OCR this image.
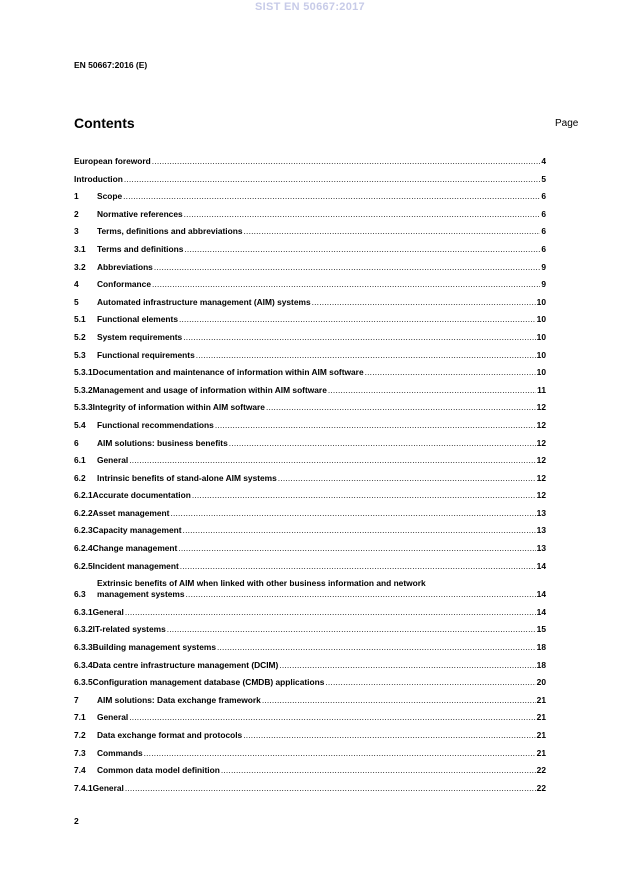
SIST EN 50667:2017
EN 50667:2016 (E)
Contents	Page
European foreword .....	4
Introduction .....	5
1	Scope .....	6
2	Normative references .....	6
3	Terms, definitions and abbreviations .....	6
3.1	Terms and definitions .....	6
3.2	Abbreviations .....	9
4	Conformance .....	9
5	Automated infrastructure management (AIM) systems .....	10
5.1	Functional elements .....	10
5.2	System requirements .....	10
5.3	Functional requirements .....	10
5.3.1 Documentation and maintenance of information within AIM software .....	10
5.3.2 Management and usage of information within AIM software .....	11
5.3.3 Integrity of information within AIM software .....	12
5.4	Functional recommendations .....	12
6	AIM solutions: business benefits .....	12
6.1	General .....	12
6.2	Intrinsic benefits of stand-alone AIM systems .....	12
6.2.1 Accurate documentation .....	12
6.2.2 Asset management .....	13
6.2.3 Capacity management .....	13
6.2.4 Change management .....	13
6.2.5 Incident management .....	14
6.3
Extrinsic benefits of AIM when linked with other business information and network
management systems .....	14
6.3.1 General .....	14
6.3.2 IT-related systems .....	15
6.3.3 Building management systems .....	18
6.3.4 Data centre infrastructure management (DCIM) .....	18
6.3.5 Configuration management database (CMDB) applications .....	20
7	AIM solutions: Data exchange framework .....	21
7.1	General .....	21
7.2	Data exchange format and protocols .....	21
7.3	Commands .....	21
7.4	Common data model definition .....	22
7.4.1 General .....	22
2
